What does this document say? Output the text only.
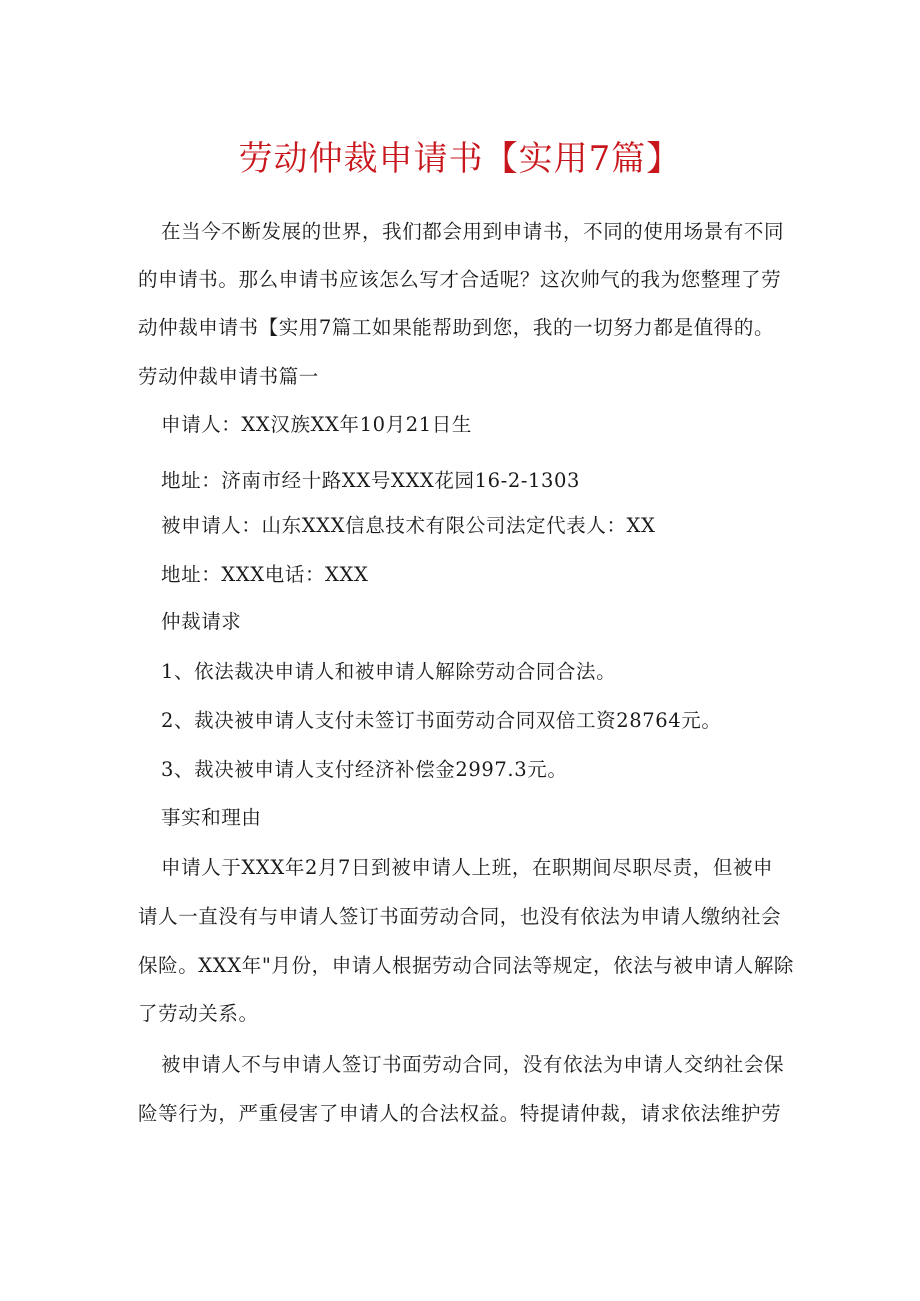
劳动仲裁申请书【实用7篇】
在当今不断发展的世界，我们都会用到申请书，不同的使用场景有不同
的申请书。那么申请书应该怎么写才合适呢？这次帅气的我为您整理了劳
动仲裁申请书【实用7篇工如果能帮助到您，我的一切努力都是值得的。
劳动仲裁申请书篇一
申请人：XX汉族XX年10月21日生
地址：济南市经十路XX号XXX花园16-2-1303
被申请人：山东XXX信息技术有限公司法定代表人：XX
地址：XXX电话：XXX
仲裁请求
1、依法裁决申请人和被申请人解除劳动合同合法。
2、裁决被申请人支付未签订书面劳动合同双倍工资28764元。
3、裁决被申请人支付经济补偿金2997.3元。
事实和理由
申请人于XXX年2月7日到被申请人上班，在职期间尽职尽责，但被申
请人一直没有与申请人签订书面劳动合同，也没有依法为申请人缴纳社会
保险。XXX年"月份，申请人根据劳动合同法等规定，依法与被申请人解除
了劳动关系。
被申请人不与申请人签订书面劳动合同，没有依法为申请人交纳社会保
险等行为，严重侵害了申请人的合法权益。特提请仲裁，请求依法维护劳
